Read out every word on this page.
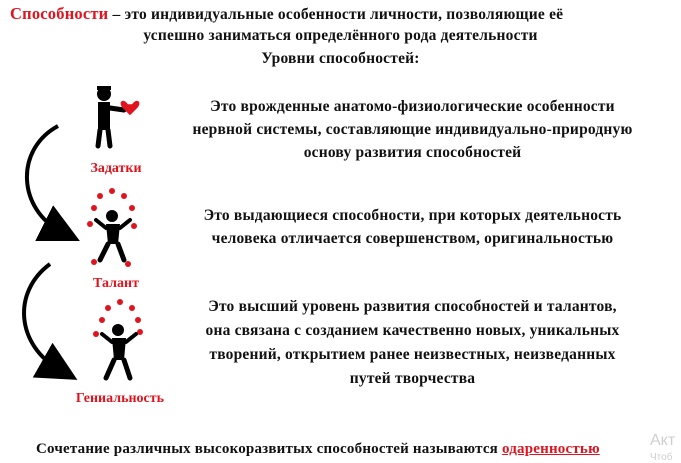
Способности – это индивидуальные особенности личности, позволяющие её
успешно заниматься определённого рода деятельности
Уровни способностей:
Задатки
Талант
Гениальность
Это врожденные анатомо-физиологические особенности
нервной системы, составляющие индивидуально-природную
основу развития способностей
Это выдающиеся способности, при которых деятельность
человека отличается совершенством, оригинальностью
Это высший уровень развития способностей и талантов,
она связана с созданием качественно новых, уникальных
творений, открытием ранее неизвестных, неизведанных
путей творчества
Сочетание различных высокоразвитых способностей называются одаренностью	Акт
Чтоб
